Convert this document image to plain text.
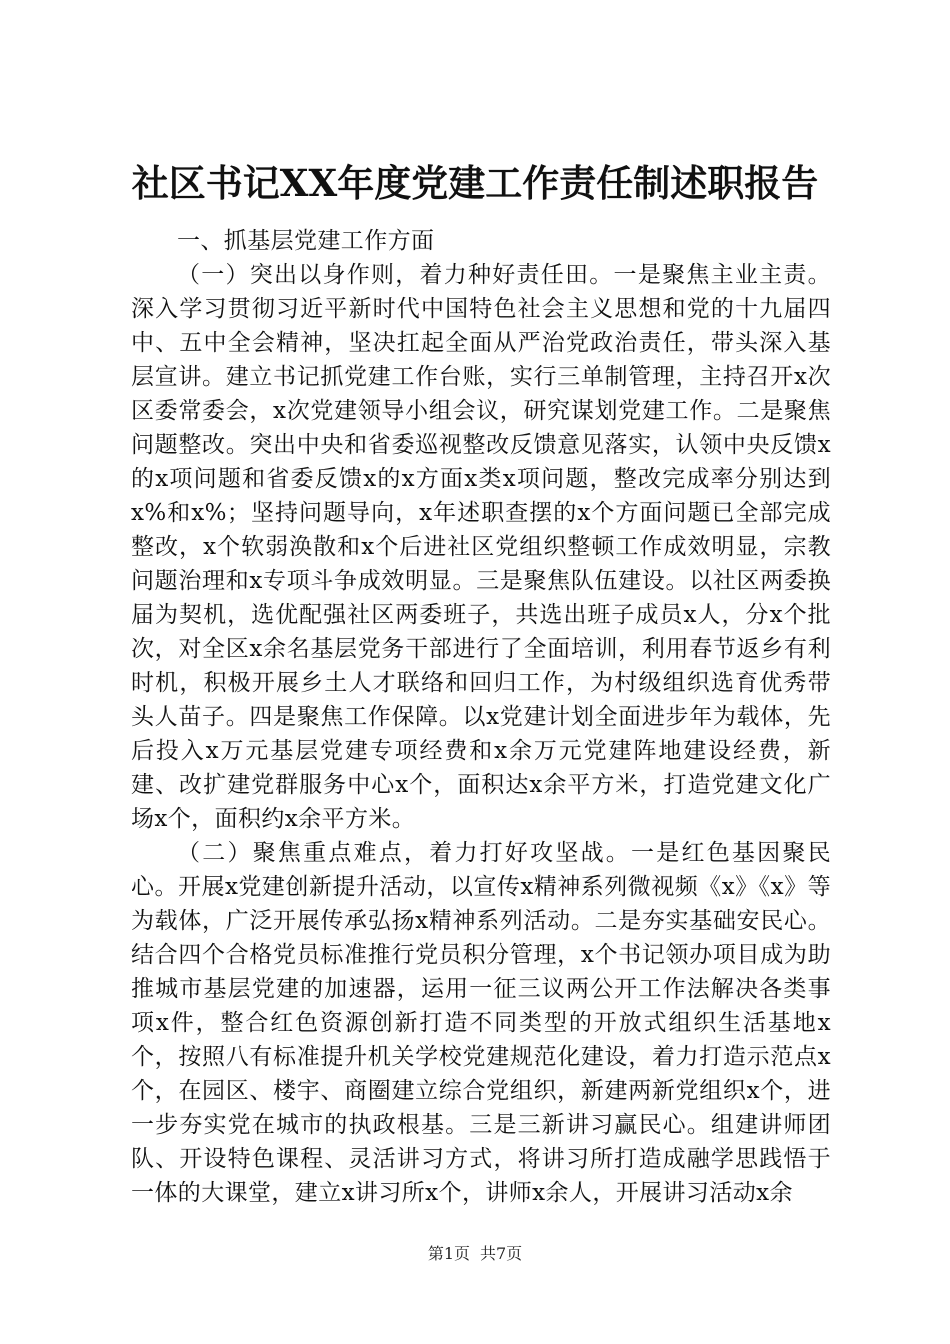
社区书记XX年度党建工作责任制述职报告

一、抓基层党建工作方面

（一）突出以身作则，着力种好责任田。一是聚焦主业主责。深入学习贯彻习近平新时代中国特色社会主义思想和党的十九届四中、五中全会精神，坚决扛起全面从严治党政治责任，带头深入基层宣讲。建立书记抓党建工作台账，实行三单制管理，主持召开x次区委常委会，x次党建领导小组会议，研究谋划党建工作。二是聚焦问题整改。突出中央和省委巡视整改反馈意见落实，认领中央反馈x的x项问题和省委反馈x的x方面x类x项问题，整改完成率分别达到x%和x%；坚持问题导向，x年述职查摆的x个方面问题已全部完成整改，x个软弱涣散和x个后进社区党组织整顿工作成效明显，宗教问题治理和x专项斗争成效明显。三是聚焦队伍建设。以社区两委换届为契机，选优配强社区两委班子，共选出班子成员x人，分x个批次，对全区x余名基层党务干部进行了全面培训，利用春节返乡有利时机，积极开展乡土人才联络和回归工作，为村级组织选育优秀带头人苗子。四是聚焦工作保障。以x党建计划全面进步年为载体，先后投入x万元基层党建专项经费和x余万元党建阵地建设经费，新建、改扩建党群服务中心x个，面积达x余平方米，打造党建文化广场x个，面积约x余平方米。

（二）聚焦重点难点，着力打好攻坚战。一是红色基因聚民心。开展x党建创新提升活动，以宣传x精神系列微视频《x》《x》等为载体，广泛开展传承弘扬x精神系列活动。二是夯实基础安民心。结合四个合格党员标准推行党员积分管理，x个书记领办项目成为助推城市基层党建的加速器，运用一征三议两公开工作法解决各类事项x件，整合红色资源创新打造不同类型的开放式组织生活基地x个，按照八有标准提升机关学校党建规范化建设，着力打造示范点x个，在园区、楼宇、商圈建立综合党组织，新建两新党组织x个，进一步夯实党在城市的执政根基。三是三新讲习赢民心。组建讲师团队、开设特色课程、灵活讲习方式，将讲习所打造成融学思践悟于一体的大课堂，建立x讲习所x个，讲师x余人，开展讲习活动x余

第1页 共7页
